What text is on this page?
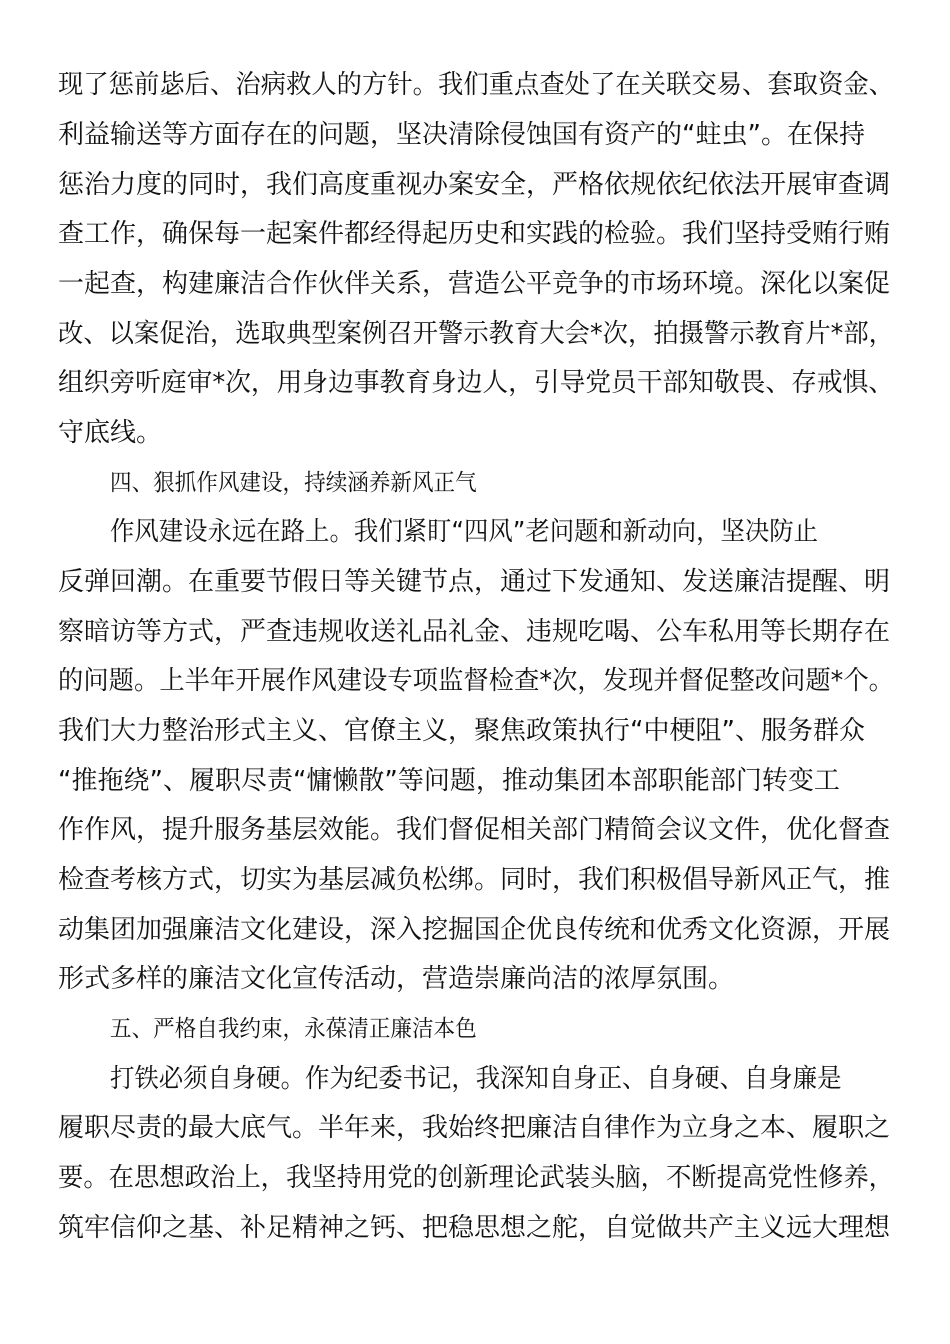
现了惩前毖后、治病救人的方针。我们重点查处了在关联交易、套取资金、
利益输送等方面存在的问题，坚决清除侵蚀国有资产的“蛀虫”。在保持
惩治力度的同时，我们高度重视办案安全，严格依规依纪依法开展审查调
查工作，确保每一起案件都经得起历史和实践的检验。我们坚持受贿行贿
一起查，构建廉洁合作伙伴关系，营造公平竞争的市场环境。深化以案促
改、以案促治，选取典型案例召开警示教育大会*次，拍摄警示教育片*部，
组织旁听庭审*次，用身边事教育身边人，引导党员干部知敬畏、存戒惧、
守底线。
四、狠抓作风建设，持续涵养新风正气
作风建设永远在路上。我们紧盯“四风”老问题和新动向，坚决防止
反弹回潮。在重要节假日等关键节点，通过下发通知、发送廉洁提醒、明
察暗访等方式，严查违规收送礼品礼金、违规吃喝、公车私用等长期存在
的问题。上半年开展作风建设专项监督检查*次，发现并督促整改问题*个。
我们大力整治形式主义、官僚主义，聚焦政策执行“中梗阻”、服务群众
“推拖绕”、履职尽责“慵懒散”等问题，推动集团本部职能部门转变工
作作风，提升服务基层效能。我们督促相关部门精简会议文件，优化督查
检查考核方式，切实为基层减负松绑。同时，我们积极倡导新风正气，推
动集团加强廉洁文化建设，深入挖掘国企优良传统和优秀文化资源，开展
形式多样的廉洁文化宣传活动，营造崇廉尚洁的浓厚氛围。
五、严格自我约束，永葆清正廉洁本色
打铁必须自身硬。作为纪委书记，我深知自身正、自身硬、自身廉是
履职尽责的最大底气。半年来，我始终把廉洁自律作为立身之本、履职之
要。在思想政治上，我坚持用党的创新理论武装头脑，不断提高党性修养，
筑牢信仰之基、补足精神之钙、把稳思想之舵，自觉做共产主义远大理想
